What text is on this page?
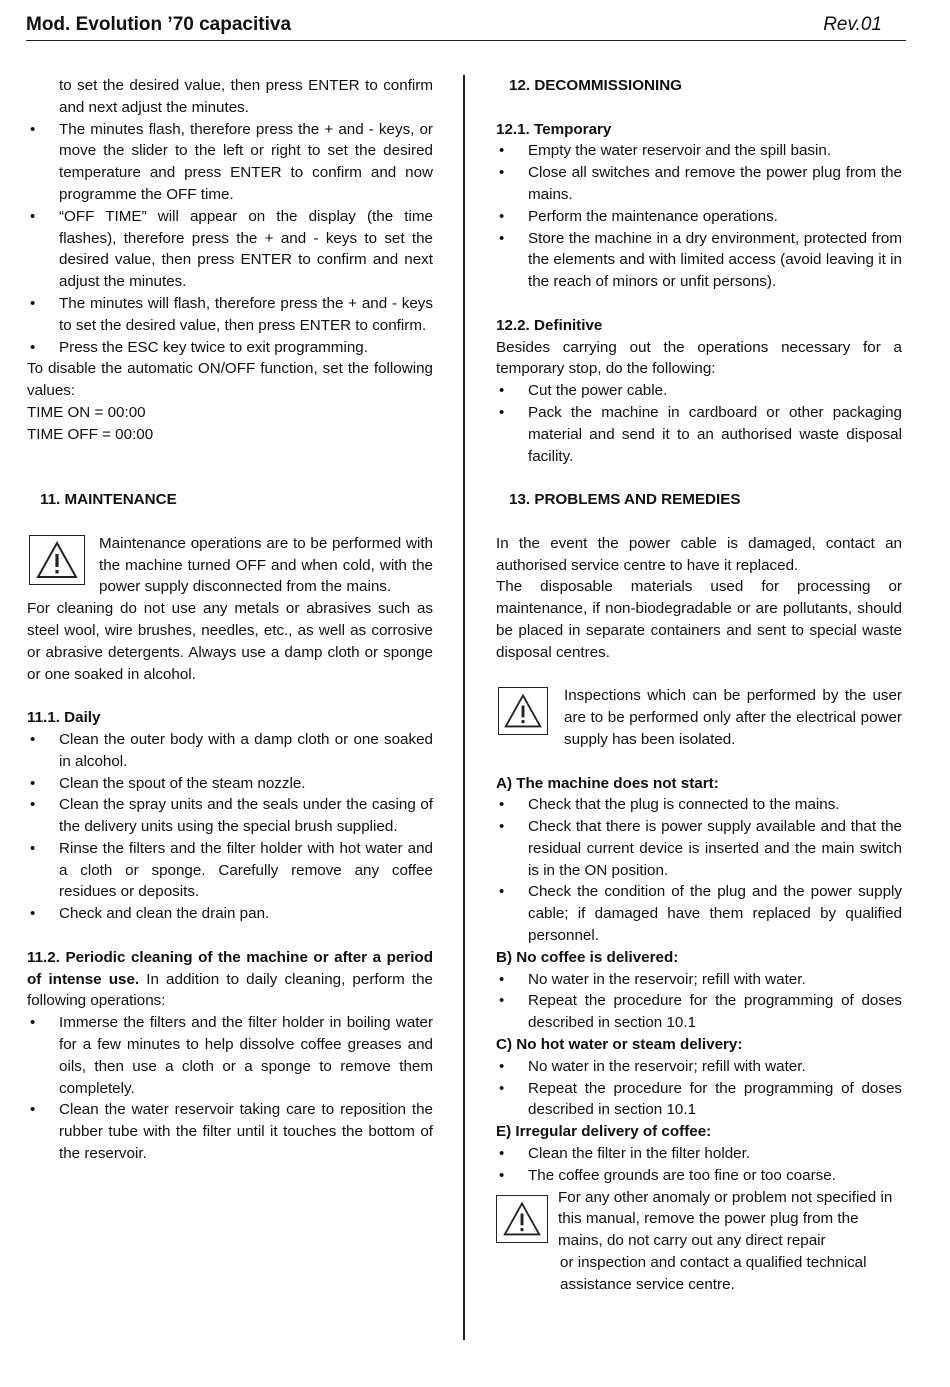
Mod. Evolution ’70 capacitiva	Rev.01

to set the desired value, then press ENTER to confirm and next adjust the minutes.

• The minutes flash, therefore press the + and - keys, or move the slider to the left or right to set the desired temperature and press ENTER to confirm and now programme the OFF time.
• “OFF TIME” will appear on the display (the time flashes), therefore press the + and - keys to set the desired value, then press ENTER to confirm and next adjust the minutes.
• The minutes will flash, therefore press the + and - keys to set the desired value, then press ENTER to confirm.
• Press the ESC key twice to exit programming.

To disable the automatic ON/OFF function, set the following values:

TIME ON = 00:00

TIME OFF = 00:00

11. MAINTENANCE

Maintenance operations are to be performed with the machine turned OFF and when cold, with the power supply disconnected from the mains.

For cleaning do not use any metals or abrasives such as steel wool, wire brushes, needles, etc., as well as corrosive or abrasive detergents. Always use a damp cloth or sponge or one soaked in alcohol.

11.1. Daily

• Clean the outer body with a damp cloth or one soaked in alcohol.
• Clean the spout of the steam nozzle.
• Clean the spray units and the seals under the casing of the delivery units using the special brush supplied.
• Rinse the filters and the filter holder with hot water and a cloth or sponge. Carefully remove any coffee residues or deposits.
• Check and clean the drain pan.

11.2. Periodic cleaning of the machine or after a period of intense use. In addition to daily cleaning, perform the following operations:

• Immerse the filters and the filter holder in boiling water for a few minutes to help dissolve coffee greases and oils, then use a cloth or a sponge to remove them completely.
• Clean the water reservoir taking care to reposition the rubber tube with the filter until it touches the bottom of the reservoir.

12. DECOMMISSIONING

12.1. Temporary

• Empty the water reservoir and the spill basin.
• Close all switches and remove the power plug from the mains.
• Perform the maintenance operations.
• Store the machine in a dry environment, protected from the elements and with limited access (avoid leaving it in the reach of minors or unfit persons).

12.2. Definitive

Besides carrying out the operations necessary for a temporary stop, do the following:

• Cut the power cable.
• Pack the machine in cardboard or other packaging material and send it to an authorised waste disposal facility.

13. PROBLEMS AND REMEDIES

In the event the power cable is damaged, contact an authorised service centre to have it replaced.

The disposable materials used for processing or maintenance, if non-biodegradable or are pollutants, should be placed in separate containers and sent to special waste disposal centres.

Inspections which can be performed by the user are to be performed only after the electrical power supply has been isolated.

A) The machine does not start:

• Check that the plug is connected to the mains.
• Check that there is power supply available and that the residual current device is inserted and the main switch is in the ON position.
• Check the condition of the plug and the power supply cable; if damaged have them replaced by qualified personnel.

B) No coffee is delivered:

• No water in the reservoir; refill with water.
• Repeat the procedure for the programming of doses described in section 10.1

C) No hot water or steam delivery:

• No water in the reservoir; refill with water.
• Repeat the procedure for the programming of doses described in section 10.1

E) Irregular delivery of coffee:

• Clean the filter in the filter holder.
• The coffee grounds are too fine or too coarse.

For any other anomaly or problem not specified in this manual, remove the power plug from the mains, do not carry out any direct repair

or inspection and contact a qualified technical assistance service centre.
